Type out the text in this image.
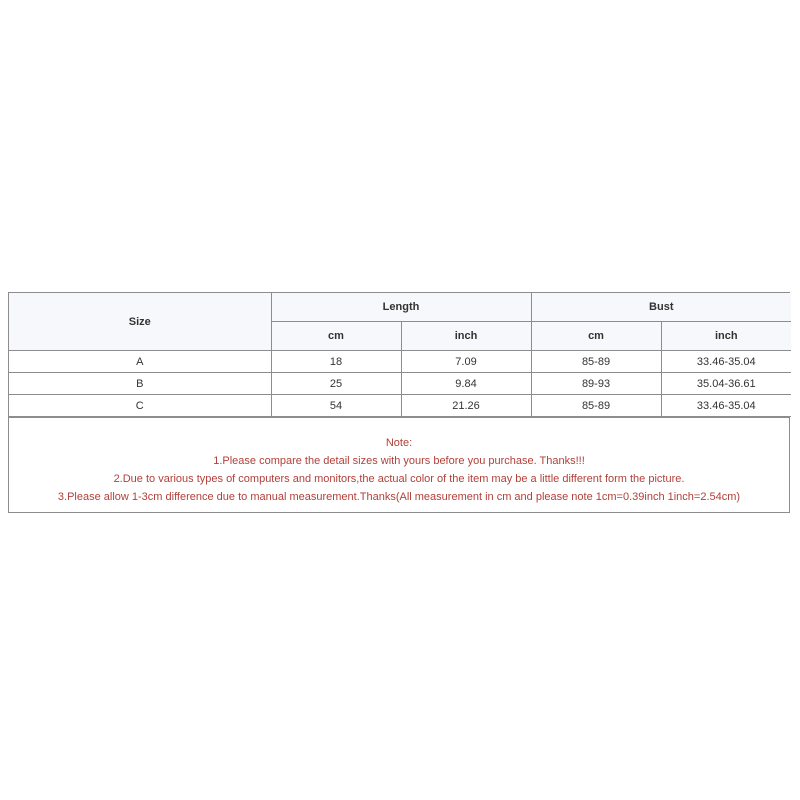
Size	Length		Bust	
	cm	inch	cm	inch
A	18	7.09	85-89	33.46-35.04
B	25	9.84	89-93	35.04-36.61
C	54	21.26	85-89	33.46-35.04
Note:
1.Please compare the detail sizes with yours before you purchase. Thanks!!!
2.Due to various types of computers and monitors,the actual color of the item may be a little different form the picture.
3.Please allow 1-3cm difference due to manual measurement.Thanks(All measurement in cm and please note 1cm=0.39inch 1inch=2.54cm)
